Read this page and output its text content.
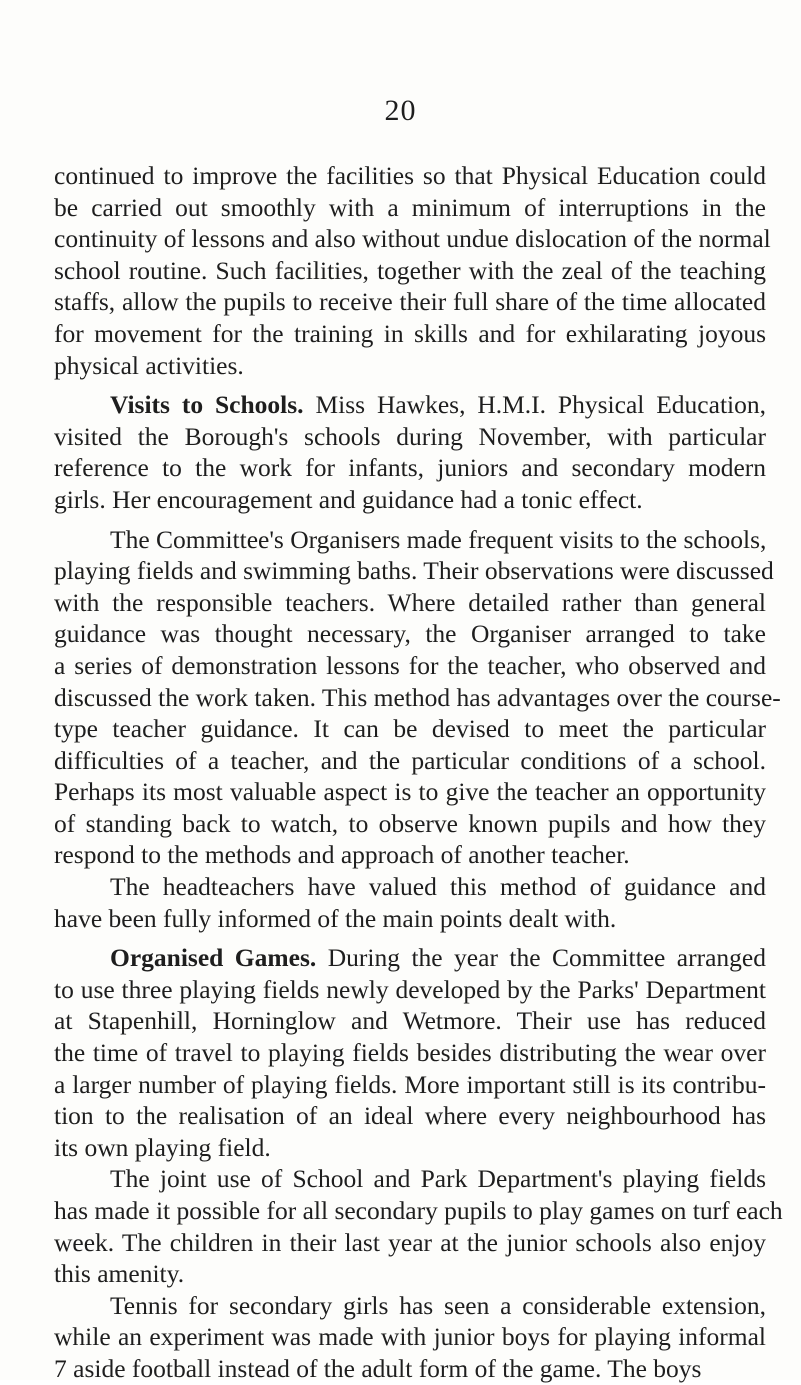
20
continued to improve the facilities so that Physical Education could
be carried out smoothly with a minimum of interruptions in the
continuity of lessons and also without undue dislocation of the normal
school routine. Such facilities, together with the zeal of the teaching
staffs, allow the pupils to receive their full share of the time allocated
for movement for the training in skills and for exhilarating joyous
physical activities.
Visits to Schools. Miss Hawkes, H.M.I. Physical Education,
visited the Borough's schools during November, with particular
reference to the work for infants, juniors and secondary modern
girls. Her encouragement and guidance had a tonic effect.
The Committee's Organisers made frequent visits to the schools,
playing fields and swimming baths. Their observations were discussed
with the responsible teachers. Where detailed rather than general
guidance was thought necessary, the Organiser arranged to take
a series of demonstration lessons for the teacher, who observed and
discussed the work taken. This method has advantages over the course-
type teacher guidance. It can be devised to meet the particular
difficulties of a teacher, and the particular conditions of a school.
Perhaps its most valuable aspect is to give the teacher an opportunity
of standing back to watch, to observe known pupils and how they
respond to the methods and approach of another teacher.
The headteachers have valued this method of guidance and
have been fully informed of the main points dealt with.
Organised Games. During the year the Committee arranged
to use three playing fields newly developed by the Parks' Department
at Stapenhill, Horninglow and Wetmore. Their use has reduced
the time of travel to playing fields besides distributing the wear over
a larger number of playing fields. More important still is its contribu-
tion to the realisation of an ideal where every neighbourhood has
its own playing field.
The joint use of School and Park Department's playing fields
has made it possible for all secondary pupils to play games on turf each
week. The children in their last year at the junior schools also enjoy
this amenity.
Tennis for secondary girls has seen a considerable extension,
while an experiment was made with junior boys for playing informal
7 aside football instead of the adult form of the game. The boys
